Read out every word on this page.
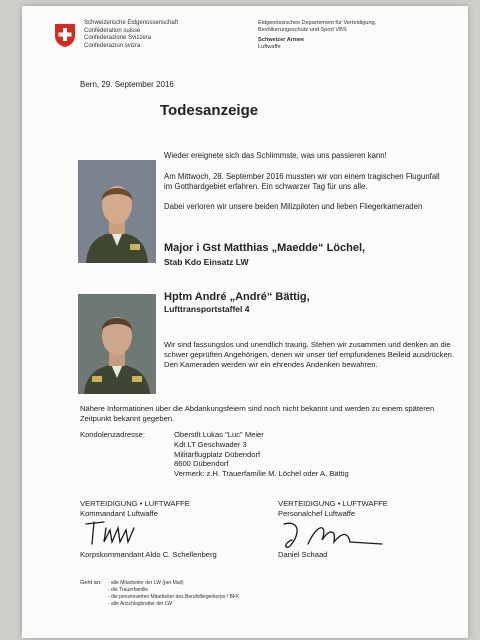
Schweizerische Eidgenossenschaft
Confédération suisse
Confederazione Svizzera
Confederaziun svizra
Eidgenössisches Departement für Verteidigung,
Bevölkerungsschutz und Sport VBS
Schweizer Armee
Luftwaffe
Bern, 29. September 2016
Todesanzeige
Wieder ereignete sich das Schlimmste, was uns passieren kann!
Am Mittwoch, 28. September 2016 mussten wir von einem tragischen Flugunfall im Gotthardgebiet erfahren. Ein schwarzer Tag für uns alle.
Dabei verloren wir unsere beiden Milizpiloten und lieben Fliegerkameraden
Major i Gst Matthias „Maedde“ Löchel,
Stab Kdo Einsatz LW
Hptm André „André“ Bättig,
Lufttransportstaffel 4
Wir sind fassungslos und unendlich traurig. Stehen wir zusammen und denken an die schwer geprüften Angehörigen, denen wir unser tief empfundenes Beileid ausdrücken. Den Kameraden werden wir ein ehrendes Andenken bewahren.
Nähere Informationen über die Abdankungsfeiern sind noch nicht bekannt und werden zu einem späteren Zeitpunkt bekannt gegeben.
Kondolenzadresse:	Oberstlt Lukas "Luc" Meier
Kdt LT Geschwader 3
Militärflugplatz Dübendorf
8600 Dübendorf
Vermerk: z.H. Trauerfamilie M. Löchel oder A. Bättig
VERTEIDIGUNG • LUFTWAFFE
Kommandant Luftwaffe
Korpskommandant Aldo C. Schellenberg
VERTEIDIGUNG • LUFTWAFFE
Personalchef Luftwaffe
Daniel Schaad
Geht an: - alle Mitarbeiter der LW (per Mail)
- die Trauerfamilie
- die pensionierten Mitarbeiter des Berufsfliegerkorps / BFK
- alle Anschlagbretter der LW
